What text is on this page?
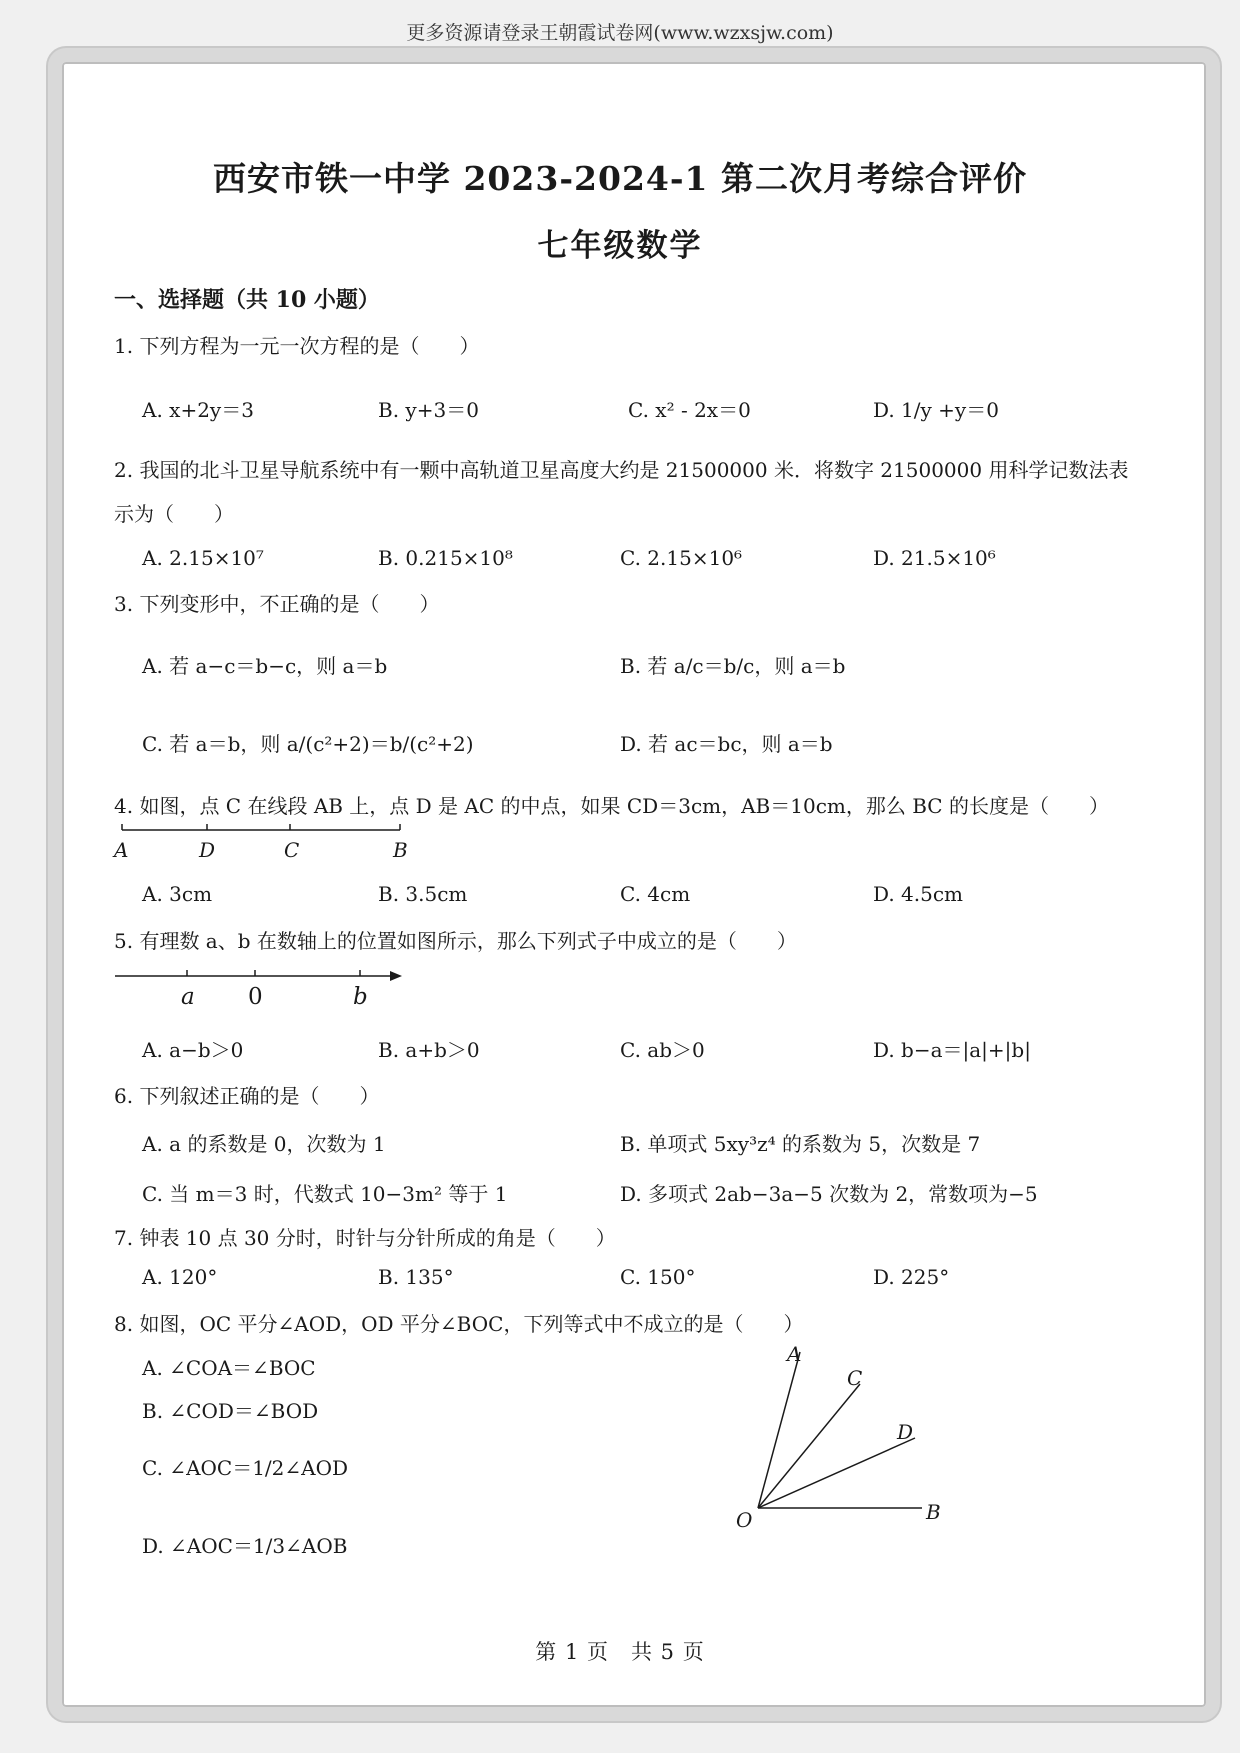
更多资源请登录王朝霞试卷网(www.wzxsjw.com)
西安市铁一中学 2023-2024-1 第二次月考综合评价
七年级数学
一、选择题（共 10 小题）
1. 下列方程为一元一次方程的是（　　）
A. x+2y＝3	B. y+3＝0	C. x² - 2x＝0	D. 1/y +y＝0
2. 我国的北斗卫星导航系统中有一颗中高轨道卫星高度大约是 21500000 米．将数字 21500000 用科学记数法表示为（　　）
A. 2.15×10⁷	B. 0.215×10⁸	C. 2.15×10⁶	D. 21.5×10⁶
3. 下列变形中，不正确的是（　　）
A. 若 a−c＝b−c，则 a＝b	B. 若 a/c＝b/c，则 a＝b
C. 若 a＝b，则 a/(c²+2)＝b/(c²+2)	D. 若 ac＝bc，则 a＝b
4. 如图，点 C 在线段 AB 上，点 D 是 AC 的中点，如果 CD＝3cm，AB＝10cm，那么 BC 的长度是（　　）
A	D	C	B
A. 3cm	B. 3.5cm	C. 4cm	D. 4.5cm
5. 有理数 a、b 在数轴上的位置如图所示，那么下列式子中成立的是（　　）
a 0	b
A. a−b＞0	B. a+b＞0	C. ab＞0	D. b−a＝|a|+|b|
6. 下列叙述正确的是（　　）
A. a 的系数是 0，次数为 1	B. 单项式 5xy³z⁴ 的系数为 5，次数是 7
C. 当 m＝3 时，代数式 10−3m² 等于 1	D. 多项式 2ab−3a−5 次数为 2，常数项为−5
7. 钟表 10 点 30 分时，时针与分针所成的角是（　　）
A. 120°	B. 135°	C. 150°	D. 225°
8. 如图，OC 平分∠AOD，OD 平分∠BOC，下列等式中不成立的是（　　）
A. ∠COA＝∠BOC
B. ∠COD＝∠BOD
C. ∠AOC＝1/2∠AOD
D. ∠AOC＝1/3∠AOB
A
C
D
O	B
第 1 页　共 5 页
